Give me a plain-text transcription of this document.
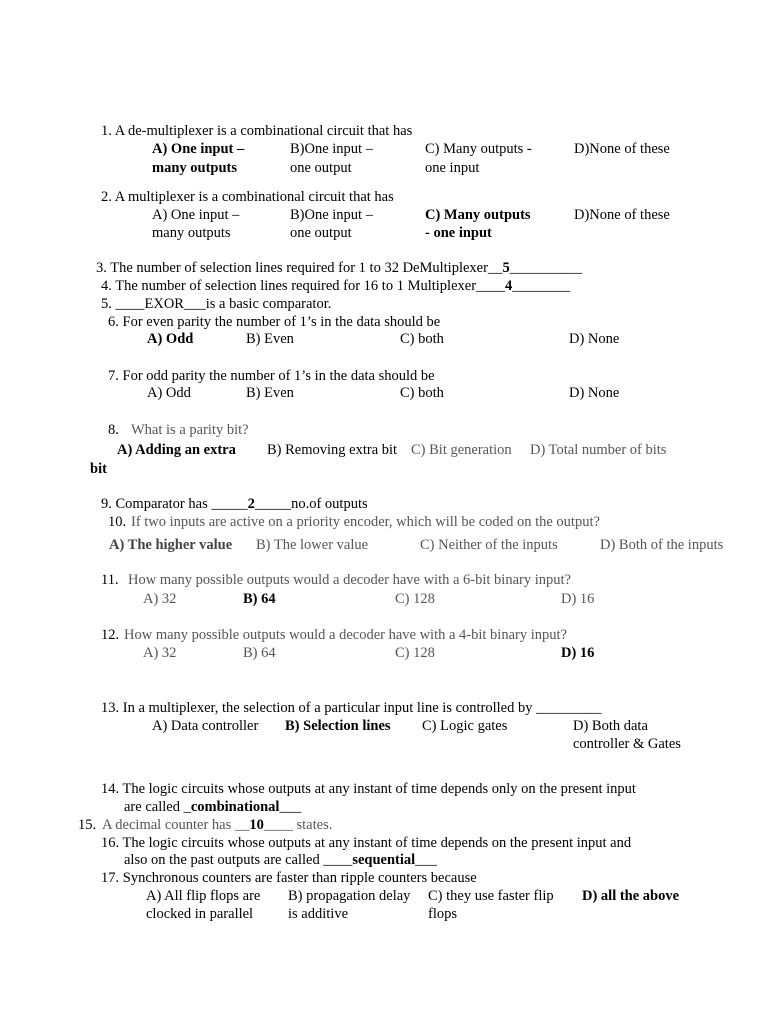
1. A de-multiplexer is a combinational circuit that has
A) One input –
many outputs
B)One input –
one output
C) Many outputs -
one input
D)None of these
2. A multiplexer is a combinational circuit that has
A) One input –
many outputs
B)One input –
one output
C) Many outputs
- one input
D)None of these
3. The number of selection lines required for 1 to 32 DeMultiplexer__5__________
4. The number of selection lines required for 16 to 1 Multiplexer____4________
5. ____EXOR___is a basic comparator.
6. For even parity the number of 1’s in the data should be
A) Odd	B) Even	C) both	D) None
7. For odd parity the number of 1’s in the data should be
A) Odd	B) Even	C) both	D) None
8. What is a parity bit?
A) Adding an extra
bit
B) Removing extra bit C) Bit generation D) Total number of bits
9. Comparator has _____2_____no.of outputs
10. If two inputs are active on a priority encoder, which will be coded on the output?
A) The higher value B) The lower value	C) Neither of the inputs	D) Both of the inputs
11. How many possible outputs would a decoder have with a 6-bit binary input?
A) 32	B) 64	C) 128	D) 16
12. How many possible outputs would a decoder have with a 4-bit binary input?
A) 32	B) 64	C) 128	D) 16
13. In a multiplexer, the selection of a particular input line is controlled by _________
A) Data controller B) Selection lines C) Logic gates	D) Both data
controller & Gates
14. The logic circuits whose outputs at any instant of time depends only on the present input
are called _combinational___
15. A decimal counter has __10____ states.
16. The logic circuits whose outputs at any instant of time depends on the present input and
also on the past outputs are called ____sequential___
17. Synchronous counters are faster than ripple counters because
A) All flip flops are
clocked in parallel
B) propagation delay
is additive
C) they use faster flip
flops
D) all the above
